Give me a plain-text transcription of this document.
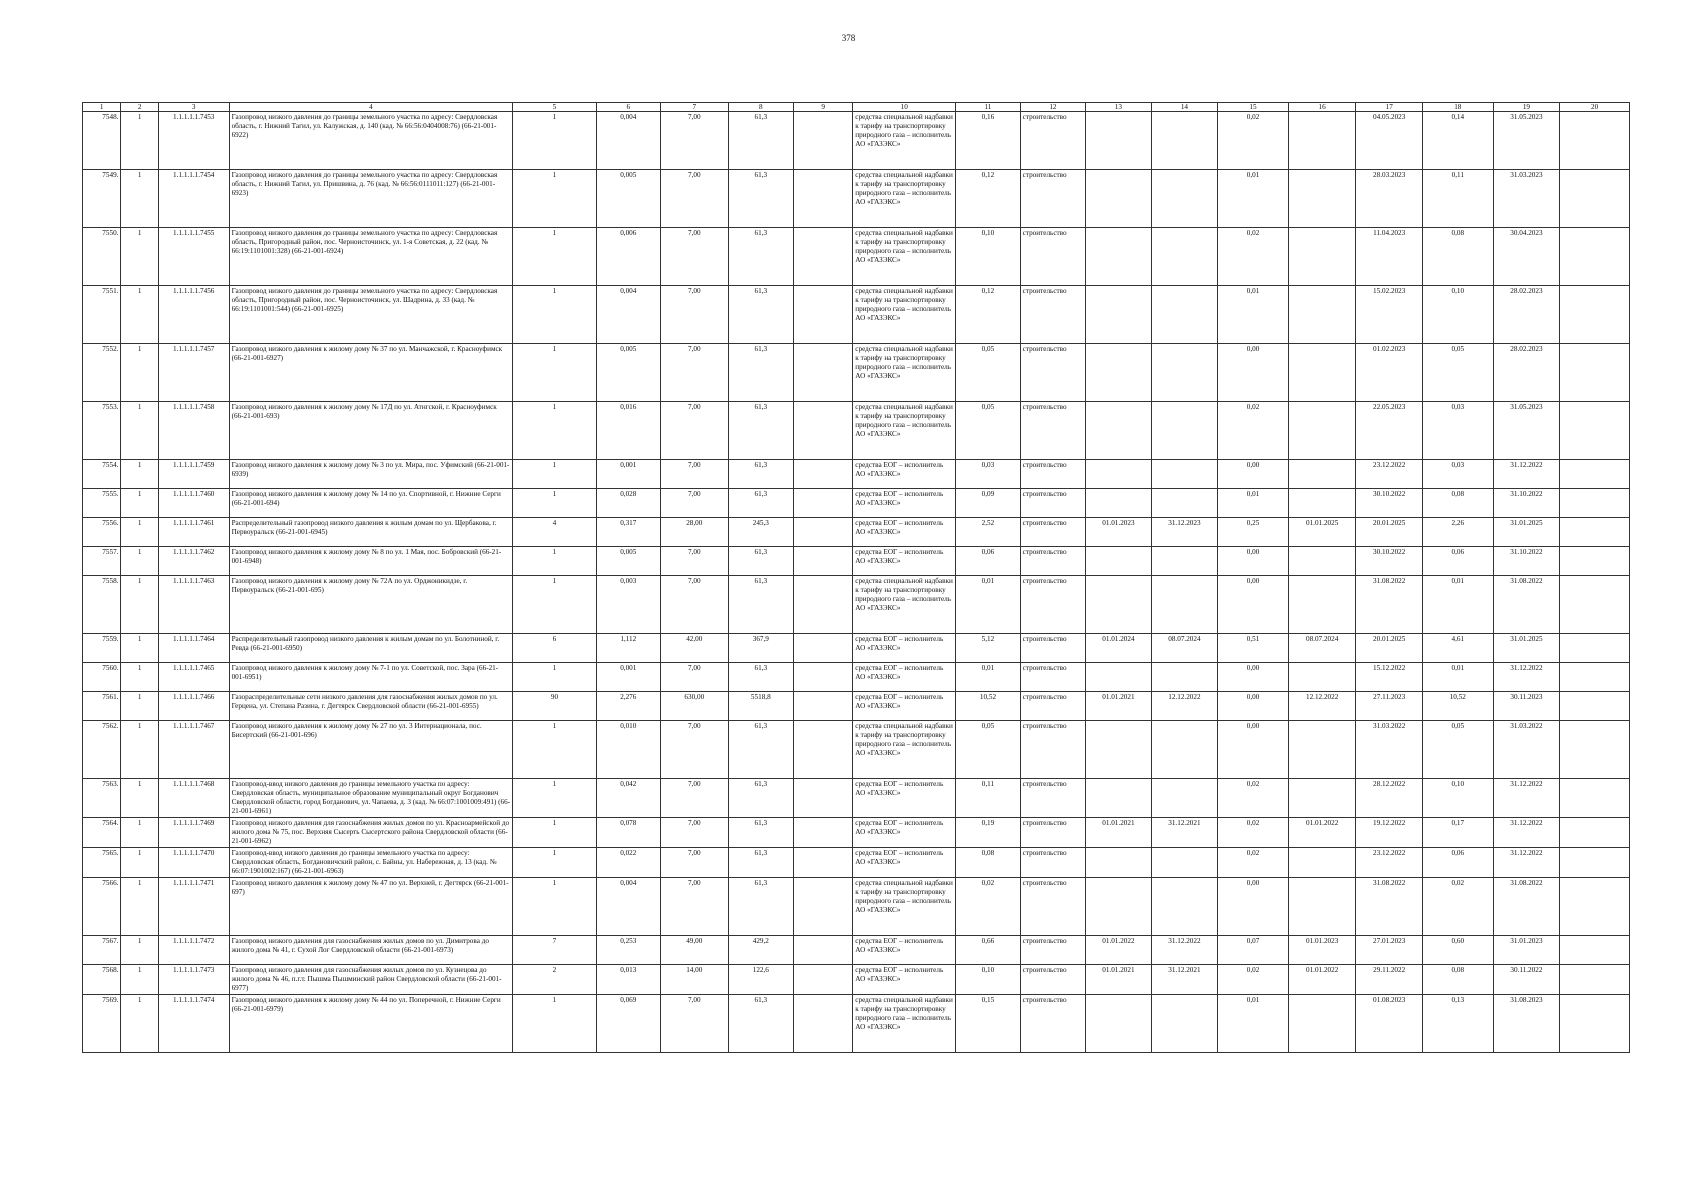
378
1	2	3	4	5	6	7	8	9	10	11	12	13	14	15	16	17	18	19	20
7548.	1	1.1.1.1.1.7453	Газопровод низкого давления до границы земельного участка по адресу: Свердловская область, г. Нижний Тагил, ул. Калужская, д. 140 (кад. № 66:56:0404008:76) (66-21-001-6922)	1	0,004	7,00	61,3		средства специальной надбавки к тарифу на транспортировку природного газа – исполнитель АО «ГАЗЭКС»	0,16	строительство			0,02		04.05.2023	0,14	31.05.2023	
7549.	1	1.1.1.1.1.7454	Газопровод низкого давления до границы земельного участка по адресу: Свердловская область, г. Нижний Тагил, ул. Пришвина, д. 76 (кад. № 66:56:0111011:127) (66-21-001-6923)	1	0,005	7,00	61,3		средства специальной надбавки к тарифу на транспортировку природного газа – исполнитель АО «ГАЗЭКС»	0,12	строительство			0,01		28.03.2023	0,11	31.03.2023	
7550.	1	1.1.1.1.1.7455	Газопровод низкого давления до границы земельного участка по адресу: Свердловская область, Пригородный район, пос. Черноисточинск, ул. 1-я Советская, д. 22 (кад. № 66:19:1101001:328) (66-21-001-6924)	1	0,006	7,00	61,3		средства специальной надбавки к тарифу на транспортировку природного газа – исполнитель АО «ГАЗЭКС»	0,10	строительство			0,02		11.04.2023	0,08	30.04.2023	
7551.	1	1.1.1.1.1.7456	Газопровод низкого давления до границы земельного участка по адресу: Свердловская область, Пригородный район, пос. Черноисточинск, ул. Шадрина, д. 33 (кад. № 66:19:1101001:544) (66-21-001-6925)	1	0,004	7,00	61,3		средства специальной надбавки к тарифу на транспортировку природного газа – исполнитель АО «ГАЗЭКС»	0,12	строительство			0,01		15.02.2023	0,10	28.02.2023	
7552.	1	1.1.1.1.1.7457	Газопровод низкого давления к жилому дому № 37 по ул. Манчажской, г. Красноуфимск (66-21-001-6927)	1	0,005	7,00	61,3		средства специальной надбавки к тарифу на транспортировку природного газа – исполнитель АО «ГАЗЭКС»	0,05	строительство			0,00		01.02.2023	0,05	28.02.2023	
7553.	1	1.1.1.1.1.7458	Газопровод низкого давления к жилому дому № 17Д по ул. Атнгской, г. Красноуфимск (66-21-001-693)	1	0,016	7,00	61,3		средства специальной надбавки к тарифу на транспортировку природного газа – исполнитель АО «ГАЗЭКС»	0,05	строительство			0,02		22.05.2023	0,03	31.05.2023	
7554.	1	1.1.1.1.1.7459	Газопровод низкого давления к жилому дому № 3 по ул. Мира, пос. Уфимский (66-21-001-6939)	1	0,001	7,00	61,3		средства ЕОГ – исполнитель АО «ГАЗЭКС»	0,03	строительство			0,00		23.12.2022	0,03	31.12.2022	
7555.	1	1.1.1.1.1.7460	Газопровод низкого давления к жилому дому № 14 по ул. Спортивной, г. Нижние Серги (66-21-001-694)	1	0,028	7,00	61,3		средства ЕОГ – исполнитель АО «ГАЗЭКС»	0,09	строительство			0,01		30.10.2022	0,08	31.10.2022	
7556.	1	1.1.1.1.1.7461	Распределительный газопровод низкого давления к жилым домам по ул. Щербакова, г. Первоуральск (66-21-001-6945)	4	0,317	28,00	245,3		средства ЕОГ – исполнитель АО «ГАЗЭКС»	2,52	строительство	01.01.2023	31.12.2023	0,25	01.01.2025	20.01.2025	2,26	31.01.2025	
7557.	1	1.1.1.1.1.7462	Газопровод низкого давления к жилому дому № 8 по ул. 1 Мая, пос. Бобровский (66-21-001-6948)	1	0,005	7,00	61,3		средства ЕОГ – исполнитель АО «ГАЗЭКС»	0,06	строительство			0,00		30.10.2022	0,06	31.10.2022	
7558.	1	1.1.1.1.1.7463	Газопровод низкого давления к жилому дому № 72А по ул. Орджоникидзе, г. Первоуральск (66-21-001-695)	1	0,003	7,00	61,3		средства специальной надбавки к тарифу на транспортировку природного газа – исполнитель АО «ГАЗЭКС»	0,01	строительство			0,00		31.08.2022	0,01	31.08.2022	
7559.	1	1.1.1.1.1.7464	Распределительный газопровод низкого давления к жилым домам по ул. Болотниной, г. Ревда (66-21-001-6950)	6	1,112	42,00	367,9		средства ЕОГ – исполнитель АО «ГАЗЭКС»	5,12	строительство	01.01.2024	08.07.2024	0,51	08.07.2024	20.01.2025	4,61	31.01.2025	
7560.	1	1.1.1.1.1.7465	Газопровод низкого давления к жилому дому № 7-1 по ул. Советской, пос. Зара (66-21-001-6951)	1	0,001	7,00	61,3		средства ЕОГ – исполнитель АО «ГАЗЭКС»	0,01	строительство			0,00		15.12.2022	0,01	31.12.2022	
7561.	1	1.1.1.1.1.7466	Газораспределительные сети низкого давления для газоснабжения жилых домов по ул. Герцена, ул. Степана Разина, г. Дегтярск Свердловской области (66-21-001-6955)	90	2,276	630,00	5518,8		средства ЕОГ – исполнитель АО «ГАЗЭКС»	10,52	строительство	01.01.2021	12.12.2022	0,00	12.12.2022	27.11.2023	10,52	30.11.2023	
7562.	1	1.1.1.1.1.7467	Газопровод низкого давления к жилому дому № 27 по ул. 3 Интернационала, пос. Бисертский (66-21-001-696)	1	0,010	7,00	61,3		средства специальной надбавки к тарифу на транспортировку природного газа – исполнитель АО «ГАЗЭКС»	0,05	строительство			0,00		31.03.2022	0,05	31.03.2022	
7563.	1	1.1.1.1.1.7468	Газопровод-ввод низкого давления до границы земельного участка по адресу: Свердловская область, муниципальное образование муниципальный округ Богданович Свердловской области, город Богданович, ул. Чапаева, д. 3 (кад. № 66:07:1001009:491) (66-21-001-6961)	1	0,042	7,00	61,3		средства ЕОГ – исполнитель АО «ГАЗЭКС»	0,11	строительство			0,02		28.12.2022	0,10	31.12.2022	
7564.	1	1.1.1.1.1.7469	Газопровод низкого давления для газоснабжения жилых домов по ул. Красноармейской до жилого дома № 75, пос. Верхняя Сысерть Сысертского района Свердловской области (66-21-001-6962)	1	0,078	7,00	61,3		средства ЕОГ – исполнитель АО «ГАЗЭКС»	0,19	строительство	01.01.2021	31.12.2021	0,02	01.01.2022	19.12.2022	0,17	31.12.2022	
7565.	1	1.1.1.1.1.7470	Газопровод-ввод низкого давления до границы земельного участка по адресу: Свердловская область, Богдановичский район, с. Байны, ул. Набережная, д. 13 (кад. № 66:07:1901002:167) (66-21-001-6963)	1	0,022	7,00	61,3		средства ЕОГ – исполнитель АО «ГАЗЭКС»	0,08	строительство			0,02		23.12.2022	0,06	31.12.2022	
7566.	1	1.1.1.1.1.7471	Газопровод низкого давления к жилому дому № 47 по ул. Верхней, г. Дегтярск (66-21-001-697)	1	0,004	7,00	61,3		средства специальной надбавки к тарифу на транспортировку природного газа – исполнитель АО «ГАЗЭКС»	0,02	строительство			0,00		31.08.2022	0,02	31.08.2022	
7567.	1	1.1.1.1.1.7472	Газопровод низкого давления для газоснабжения жилых домов по ул. Димитрова до жилого дома № 41, г. Сухой Лог Свердловской области (66-21-001-6973)	7	0,253	49,00	429,2		средства ЕОГ – исполнитель АО «ГАЗЭКС»	0,66	строительство	01.01.2022	31.12.2022	0,07	01.01.2023	27.01.2023	0,60	31.01.2023	
7568.	1	1.1.1.1.1.7473	Газопровод низкого давления для газоснабжения жилых домов по ул. Кузнецова до жилого дома № 46, п.г.т. Пышма Пышминский район Свердловской области (66-21-001-6977)	2	0,013	14,00	122,6		средства ЕОГ – исполнитель АО «ГАЗЭКС»	0,10	строительство	01.01.2021	31.12.2021	0,02	01.01.2022	29.11.2022	0,08	30.11.2022	
7569.	1	1.1.1.1.1.7474	Газопровод низкого давления к жилому дому № 44 по ул. Поперечной, г. Нижние Серги (66-21-001-6979)	1	0,069	7,00	61,3		средства специальной надбавки к тарифу на транспортировку природного газа – исполнитель АО «ГАЗЭКС»	0,15	строительство			0,01		01.08.2023	0,13	31.08.2023	
